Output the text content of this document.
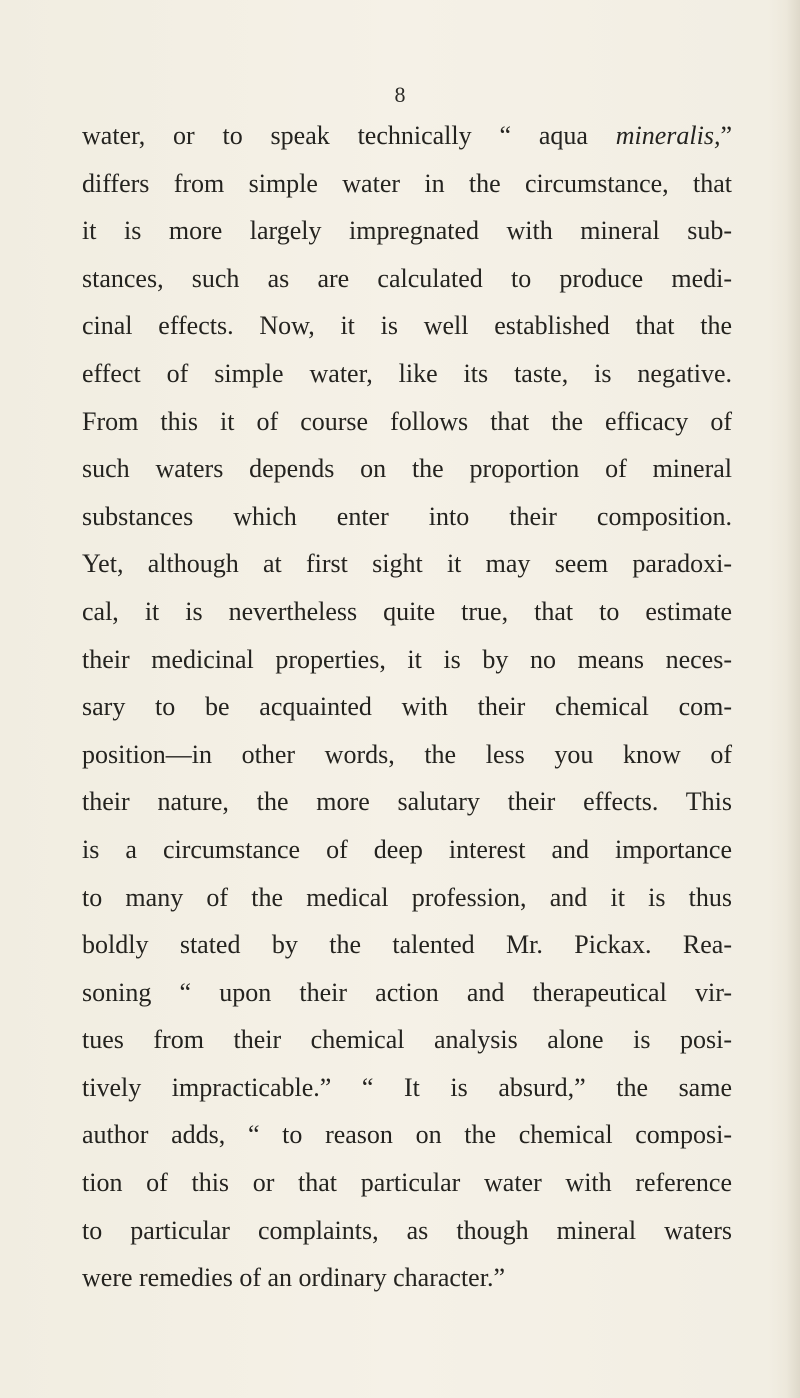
8
water, or to speak technically “ aqua mineralis,”
differs from simple water in the circumstance, that
it is more largely impregnated with mineral sub-
stances, such as are calculated to produce medi-
cinal effects. Now, it is well established that the
effect of simple water, like its taste, is negative.
From this it of course follows that the efficacy of
such waters depends on the proportion of mineral
substances which enter into their composition.
Yet, although at first sight it may seem paradoxi-
cal, it is nevertheless quite true, that to estimate
their medicinal properties, it is by no means neces-
sary to be acquainted with their chemical com-
position—in other words, the less you know of
their nature, the more salutary their effects. This
is a circumstance of deep interest and importance
to many of the medical profession, and it is thus
boldly stated by the talented Mr. Pickax. Rea-
soning “ upon their action and therapeutical vir-
tues from their chemical analysis alone is posi-
tively impracticable.” “ It is absurd,” the same
author adds, “ to reason on the chemical composi-
tion of this or that particular water with reference
to particular complaints, as though mineral waters
were remedies of an ordinary character.”
